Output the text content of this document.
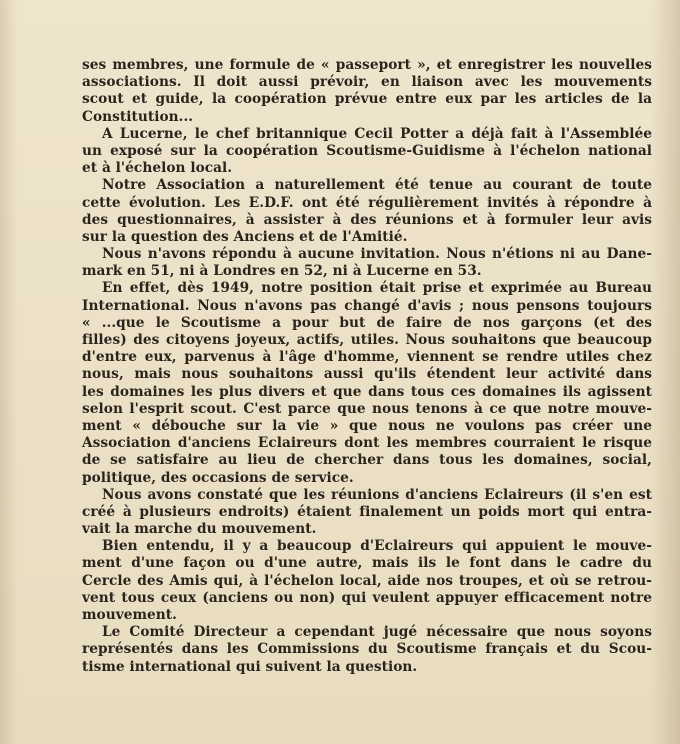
ses membres, une formule de « passeport », et enregistrer les nouvelles
associations. Il doit aussi prévoir, en liaison avec les mouvements
scout et guide, la coopération prévue entre eux par les articles de la
Constitution...
A Lucerne, le chef britannique Cecil Potter a déjà fait à l'Assemblée
un exposé sur la coopération Scoutisme-Guidisme à l'échelon national
et à l'échelon local.
Notre Association a naturellement été tenue au courant de toute
cette évolution. Les E.D.F. ont été régulièrement invités à répondre à
des questionnaires, à assister à des réunions et à formuler leur avis
sur la question des Anciens et de l'Amitié.
Nous n'avons répondu à aucune invitation. Nous n'étions ni au Dane-
mark en 51, ni à Londres en 52, ni à Lucerne en 53.
En effet, dès 1949, notre position était prise et exprimée au Bureau
International. Nous n'avons pas changé d'avis ; nous pensons toujours
« ...que le Scoutisme a pour but de faire de nos garçons (et des
filles) des citoyens joyeux, actifs, utiles. Nous souhaitons que beaucoup
d'entre eux, parvenus à l'âge d'homme, viennent se rendre utiles chez
nous, mais nous souhaitons aussi qu'ils étendent leur activité dans
les domaines les plus divers et que dans tous ces domaines ils agissent
selon l'esprit scout. C'est parce que nous tenons à ce que notre mouve-
ment « débouche sur la vie » que nous ne voulons pas créer une
Association d'anciens Eclaireurs dont les membres courraient le risque
de se satisfaire au lieu de chercher dans tous les domaines, social,
politique, des occasions de service.
Nous avons constaté que les réunions d'anciens Eclaireurs (il s'en est
créé à plusieurs endroits) étaient finalement un poids mort qui entra-
vait la marche du mouvement.
Bien entendu, il y a beaucoup d'Eclaireurs qui appuient le mouve-
ment d'une façon ou d'une autre, mais ils le font dans le cadre du
Cercle des Amis qui, à l'échelon local, aide nos troupes, et où se retrou-
vent tous ceux (anciens ou non) qui veulent appuyer efficacement notre
mouvement.
Le Comité Directeur a cependant jugé nécessaire que nous soyons
représentés dans les Commissions du Scoutisme français et du Scou-
tisme international qui suivent la question.
